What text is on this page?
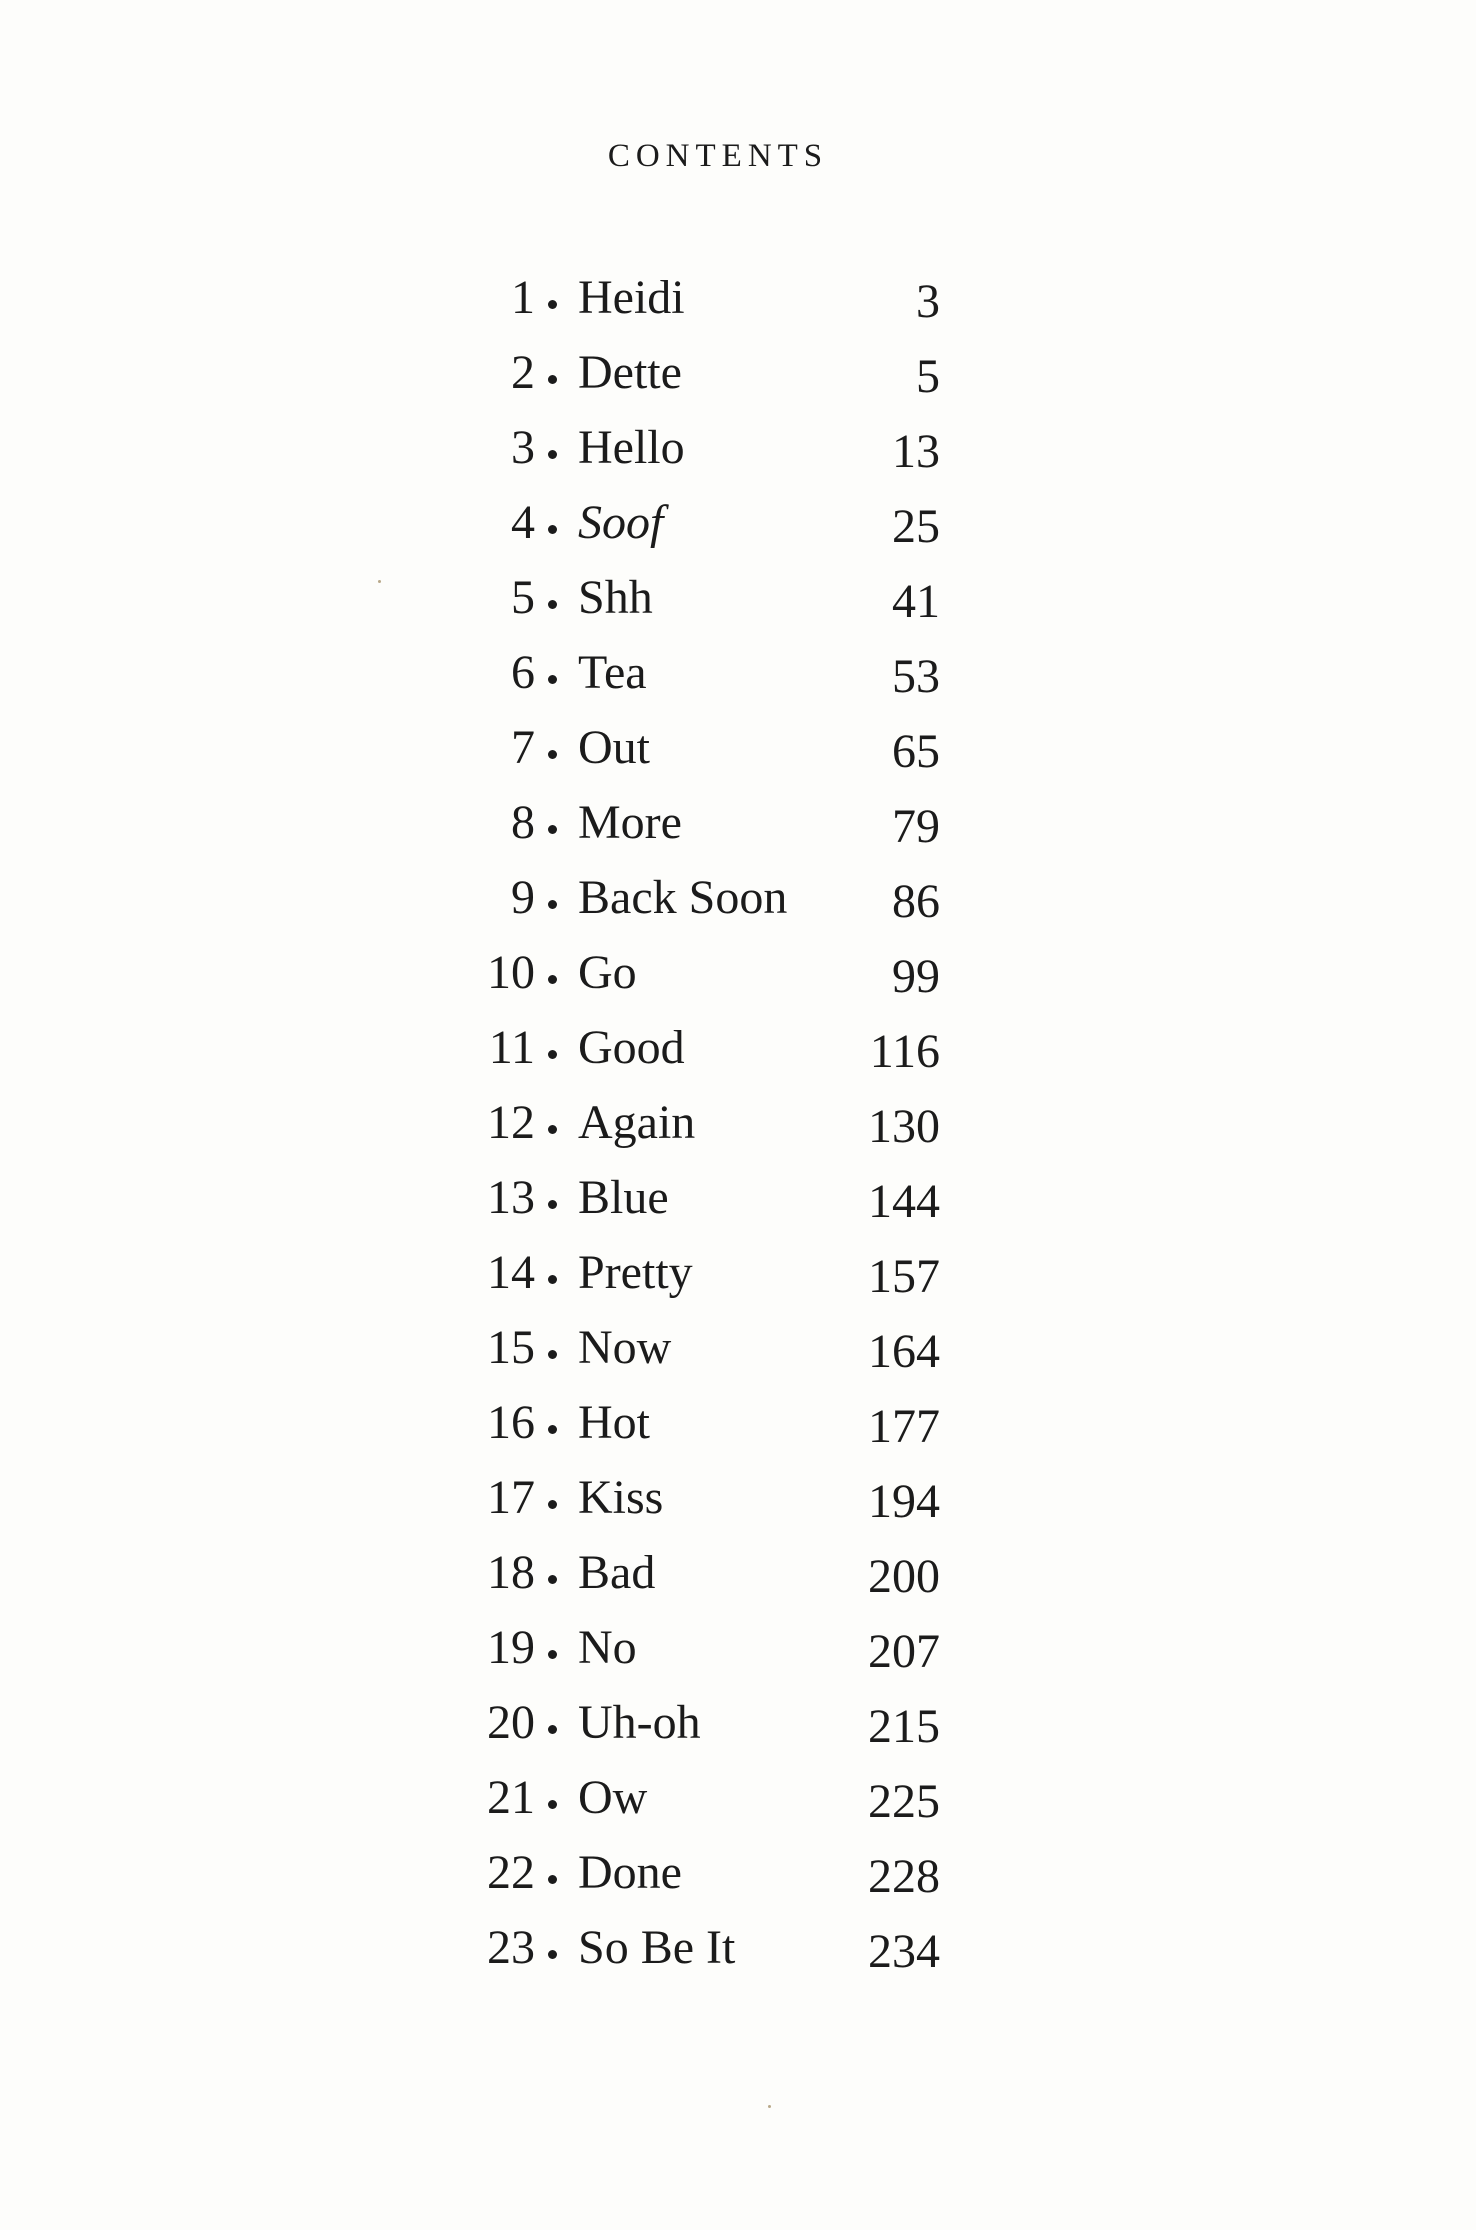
CONTENTS
1 Heidi	3
2 Dette	5
3 Hello	13
4 Soof	25
5 Shh	41
6 Tea	53
7 Out	65
8 More	79
9 Back Soon 86
10 Go	99
11 Good	116
12 Again	130
13 Blue	144
14 Pretty	157
15 Now	164
16 Hot	177
17 Kiss	194
18 Bad	200
19 No	207
20 Uh-oh	215
21 Ow	225
22 Done	228
23 So Be It	234
